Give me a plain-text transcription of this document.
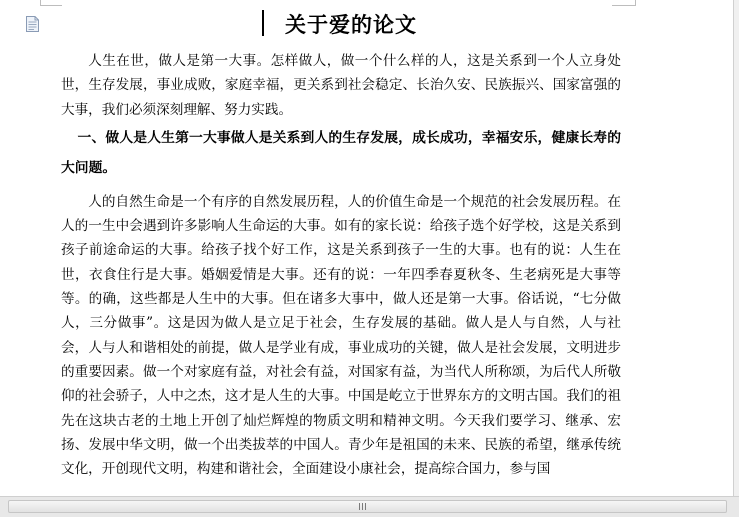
关于爱的论文

人生在世，做人是第一大事。怎样做人，做一个什么样的人，这是关系到一个人立身处世，生存发展，事业成败，家庭幸福，更关系到社会稳定、长治久安、民族振兴、国家富强的大事，我们必须深刻理解、努力实践。

一、做人是人生第一大事做人是关系到人的生存发展，成长成功，幸福安乐，健康长寿的大问题。

人的自然生命是一个有序的自然发展历程，人的价值生命是一个规范的社会发展历程。在人的一生中会遇到许多影响人生命运的大事。如有的家长说：给孩子选个好学校，这是关系到孩子前途命运的大事。给孩子找个好工作，这是关系到孩子一生的大事。也有的说：人生在世，衣食住行是大事。婚姻爱情是大事。还有的说：一年四季春夏秋冬、生老病死是大事等等。的确，这些都是人生中的大事。但在诸多大事中，做人还是第一大事。俗话说，“七分做人，三分做事”。这是因为做人是立足于社会，生存发展的基础。做人是人与自然，人与社会，人与人和谐相处的前提，做人是学业有成，事业成功的关键，做人是社会发展，文明进步的重要因素。做一个对家庭有益，对社会有益，对国家有益，为当代人所称颂，为后代人所敬仰的社会骄子，人中之杰，这才是人生的大事。中国是屹立于世界东方的文明古国。我们的祖先在这块古老的土地上开创了灿烂辉煌的物质文明和精神文明。今天我们要学习、继承、宏扬、发展中华文明，做一个出类拔萃的中国人。青少年是祖国的未来、民族的希望，继承传统文化，开创现代文明，构建和谐社会，全面建设小康社会，提高综合国力，参与国
